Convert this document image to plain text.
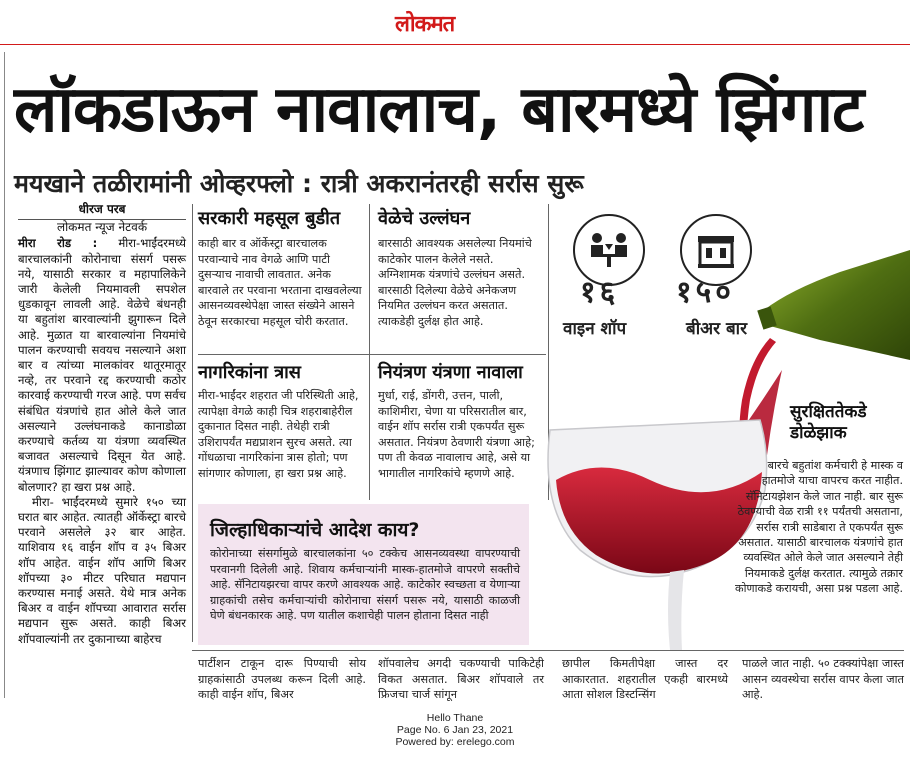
लोकमत
लॉकडाऊन नावालाच, बारमध्ये झिंगाट
मयखाने तळीरामांनी ओव्हरफ्लो : रात्री अकरानंतरही सर्रास सुरू
धीरज परब
लोकमत न्यूज नेटवर्क

मीरा रोड : मीरा-भाईंदरमध्ये बारचालकांनी कोरोनाचा संसर्ग पसरू नये, यासाठी सरकार व महापालिकेने जारी केलेली नियमावली सपशेल धुडकावून लावली आहे. वेळेचे बंधनही या बहुतांश बारवाल्यांनी झुगारून दिले आहे. मुळात या बारवाल्यांना नियमांचे पालन करण्याची सवयच नसल्याने अशा बार व त्यांच्या मालकांवर थातूरमातूर नव्हे, तर परवाने रद्द करण्याची कठोर कारवाई करण्याची गरज आहे. पण सर्वच संबंधित यंत्रणांचे हात ओले केले जात असल्याने उल्लंघनाकडे कानाडोळा करण्याचे कर्तव्य या यंत्रणा व्यवस्थित बजावत असल्याचे दिसून येत आहे. यंत्रणाच झिंगाट झाल्यावर कोण कोणाला बोलणार? हा खरा प्रश्न आहे.

मीरा- भाईंदरमध्ये सुमारे १५० च्या घरात बार आहेत. त्यातही ऑर्केस्ट्रा बारचे परवाने असलेले ३२ बार आहेत. याशिवाय १६ वाईन शॉप व ३५ बिअर शॉप आहेत. वाईन शॉप आणि बिअर शॉपच्या ३० मीटर परिघात मद्यपान करण्यास मनाई असते. येथे मात्र अनेक बिअर व वाईन शॉपच्या आवारात सर्रास मद्यपान सुरू असते. काही बिअर शॉपवाल्यांनी तर दुकानाच्या बाहेरच

सरकारी महसूल बुडीत
काही बार व ऑर्केस्ट्रा बारचालक परवान्याचे नाव वेगळे आणि पाटी दुसऱ्याच नावाची लावतात. अनेक बारवाले तर परवाना भरताना दाखवलेल्या आसनव्यवस्थेपेक्षा जास्त संख्येने आसने ठेवून सरकारचा महसूल चोरी करतात.
वेळेचे उल्लंघन
बारसाठी आवश्यक असलेल्या नियमांचे काटेकोर पालन केलेले नसते. अग्निशामक यंत्रणांचे उल्लंघन असते. बारसाठी दिलेल्या वेळेचे अनेकजण नियमित उल्लंघन करत असतात. त्याकडेही दुर्लक्ष होत आहे.
नागरिकांना त्रास
मीरा-भाईंदर शहरात जी परिस्थिती आहे, त्यापेक्षा वेगळे काही चित्र शहराबाहेरील दुकानात दिसत नाही. तेथेही रात्री उशिरापर्यंत मद्यप्राशन सुरच असते. त्या गोंधळाचा नागरिकांना त्रास होतो; पण सांगणार कोणाला, हा खरा प्रश्न आहे.
नियंत्रण यंत्रणा नावाला
मुर्धा, राई, डोंगरी, उत्तन, पाली, काशिमीरा, चेणा या परिसरातील बार, वाईन शॉप सर्रास रात्री एकपर्यंत सुरू असतात. नियंत्रण ठेवणारी यंत्रणा आहे; पण ती केवळ नावालाच आहे, असे या भागातील नागरिकांचे म्हणणे आहे.
१६
वाइन शॉप
१५०
बीअर बार
सुरक्षिततेकडे
डोळेझाक
बारचे बहुतांश कर्मचारी हे मास्क व हातमोजे याचा वापरच करत नाहीत. सॅनिटायझेशन केले जात नाही. बार सुरू ठेवण्याची वेळ रात्री ११ पर्यंतची असताना, सर्रास रात्री साडेबारा ते एकपर्यंत सुरू असतात. यासाठी बारचालक यंत्रणांचे हात व्यवस्थित ओले केले जात असल्याने तेही नियमाकडे दुर्लक्ष करतात. त्यामुळे तक्रार कोणाकडे करायची, असा प्रश्न पडला आहे.
जिल्हाधिकाऱ्यांचे आदेश काय?
कोरोनाच्या संसर्गामुळे बारचालकांना ५० टक्केच आसनव्यवस्था वापरण्याची परवानगी दिलेली आहे. शिवाय कर्मचाऱ्यांनी मास्क-हातमोजे वापरणे सक्तीचे आहे. सॅनिटायझरचा वापर करणे आवश्यक आहे. काटेकोर स्वच्छता व येणाऱ्या ग्राहकांची तसेच कर्मचाऱ्यांची कोरोनाचा संसर्ग पसरू नये, यासाठी काळजी घेणे बंधनकारक आहे. पण यातील कशाचेही पालन होताना दिसत नाही
पार्टीशन टाकून दारू पिण्याची सोय ग्राहकांसाठी उपलब्ध करून दिली आहे. काही वाईन शॉप, बिअर
शॉपवालेच अगदी चकण्याची पाकिटेही विकत असतात. बिअर शॉपवाले तर फ्रिजचा चार्ज सांगून
छापील किमतीपेक्षा जास्त दर आकारतात. शहरातील एकही बारमध्ये आता सोशल डिस्टन्सिंग
पाळले जात नाही. ५० टक्क्यांपेक्षा जास्त आसन व्यवस्थेचा सर्रास वापर केला जात आहे.
Hello Thane
Page No. 6 Jan 23, 2021
Powered by: erelego.com
